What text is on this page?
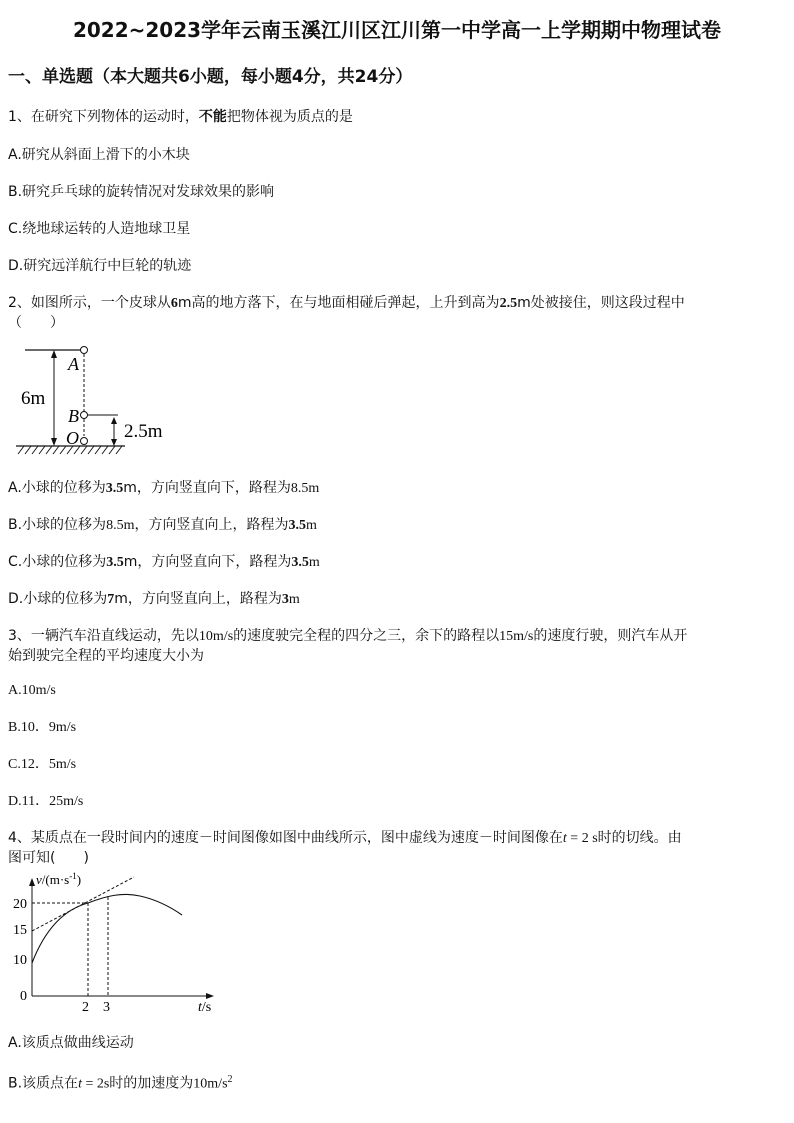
2022~2023学年云南玉溪江川区江川第一中学高一上学期期中物理试卷
一、单选题（本大题共6小题，每小题4分，共24分）
1、在研究下列物体的运动时，不能把物体视为质点的是
A.研究从斜面上滑下的小木块
B.研究乒乓球的旋转情况对发球效果的影响
C.绕地球运转的人造地球卫星
D.研究远洋航行中巨轮的轨迹
2、如图所示，一个皮球从6m高的地方落下，在与地面相碰后弹起，上升到高为2.5m处被接住，则这段过程中
（　　）
A
B
O
6m
2.5m
A.小球的位移为3.5m，方向竖直向下，路程为8.5m
B.小球的位移为8.5m，方向竖直向上，路程为3.5m
C.小球的位移为3.5m，方向竖直向下，路程为3.5m
D.小球的位移为7m，方向竖直向上，路程为3m
3、一辆汽车沿直线运动，先以10m/s的速度驶完全程的四分之三，余下的路程以15m/s的速度行驶，则汽车从开
始到驶完全程的平均速度大小为
A.10m/s
B.10．9m/s
C.12．5m/s
D.11．25m/s
4、某质点在一段时间内的速度－时间图像如图中曲线所示，图中虚线为速度－时间图像在t = 2 s时的切线。由
图可知(　　)
20
15
10
0
2 3
$v/(m\cdot s^{-1})$
t/s
A.该质点做曲线运动
B.该质点在t = 2s时的加速度为$10m/s^2$
